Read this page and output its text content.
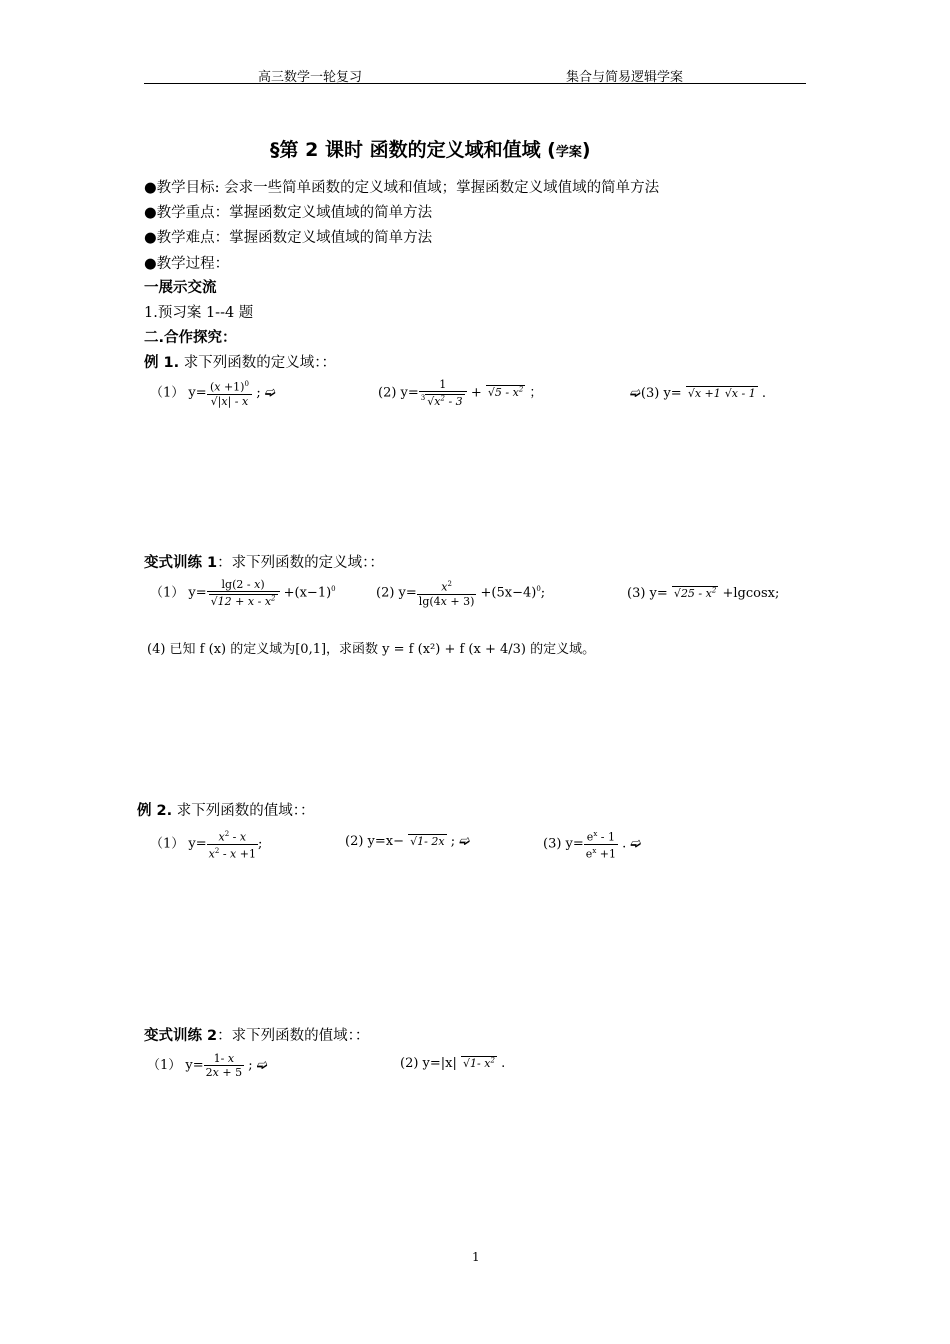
高三数学一轮复习	集合与简易逻辑学案
§第 2 课时 函数的定义域和值域 (学案)
●教学目标: 会求一些简单函数的定义域和值域；掌握函数定义域值域的简单方法
●教学重点：掌握函数定义域值域的简单方法
●教学难点：掌握函数定义域值域的简单方法
●教学过程：
一展示交流
1.预习案 1--4 题
二.合作探究：
例 1. 求下列函数的定义域：：
（1） $y= (x +1)^0$
√ |x| - x ; ➫	(2) $y= \frac{1}{^3 √ x^2 - 3}$ + √ $5 - x^2$ ；	➫(3) y= √ x +1 √ x - 1 .
变式训练 1：求下列函数的定义域：：
（1） y= lg(2 - x)
√ $12 + x - x^2 +(x-1)^0$	(2) $y= \frac{x^2}{\lg(4x + 3)} +(5x-4)^0$;	(3) y= √ $25 - x^2 +lgcosx$;
(4) 已知 f (x) 的定义域为[0,1]，求函数 y = f (x²) + f (x + 4/3) 的定义域。
例 2. 求下列函数的值域：：
（1） $y= \frac{x^2 - x}{x^2 - x +1}$ ;	(2) y=x− √ 1- 2x ; ➫	(3) $y= \frac{e^x - 1}{e^x +1}$ . ➫
变式训练 2：求下列函数的值域：：
（1） $y= \frac{1- x}{2x + 5}$ ; ➫	(2) y=|x| √ 1- $x^2$ .
1
